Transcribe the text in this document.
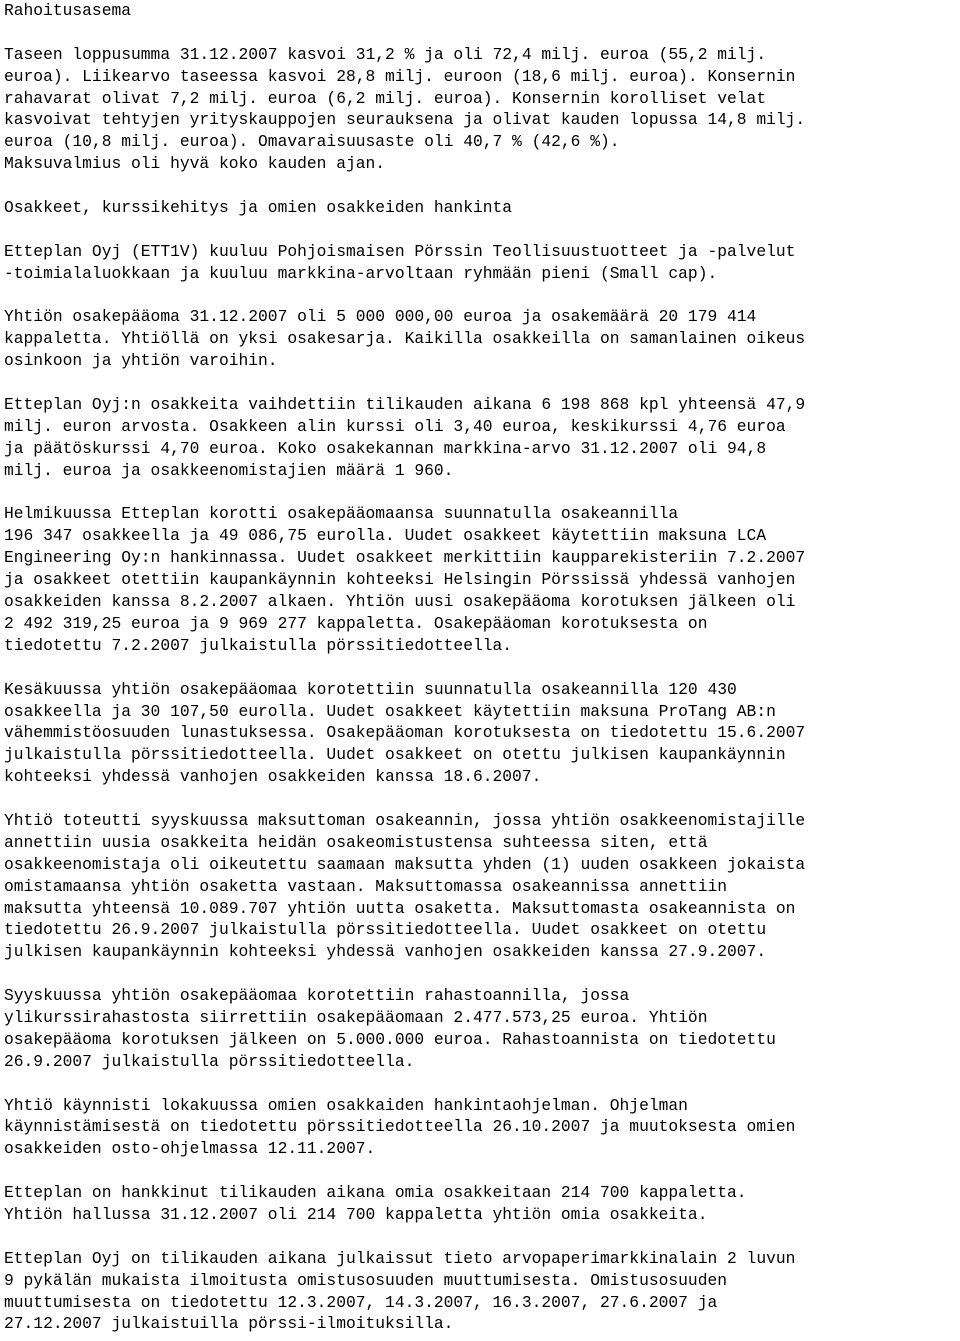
Rahoitusasema
Taseen loppusumma 31.12.2007 kasvoi 31,2 % ja oli 72,4 milj. euroa (55,2 milj.
euroa). Liikearvo taseessa kasvoi 28,8 milj. euroon (18,6 milj. euroa). Konsernin
rahavarat olivat 7,2 milj. euroa (6,2 milj. euroa). Konsernin korolliset velat
kasvoivat tehtyjen yrityskauppojen seurauksena ja olivat kauden lopussa 14,8 milj.
euroa (10,8 milj. euroa). Omavaraisuusaste oli 40,7 % (42,6 %).
Maksuvalmius oli hyvä koko kauden ajan.
Osakkeet, kurssikehitys ja omien osakkeiden hankinta
Etteplan Oyj (ETT1V) kuuluu Pohjoismaisen Pörssin Teollisuustuotteet ja -palvelut
-toimialaluokkaan ja kuuluu markkina-arvoltaan ryhmään pieni (Small cap).
Yhtiön osakepääoma 31.12.2007 oli 5 000 000,00 euroa ja osakemäärä 20 179 414
kappaletta. Yhtiöllä on yksi osakesarja. Kaikilla osakkeilla on samanlainen oikeus
osinkoon ja yhtiön varoihin.
Etteplan Oyj:n osakkeita vaihdettiin tilikauden aikana 6 198 868 kpl yhteensä 47,9
milj. euron arvosta. Osakkeen alin kurssi oli 3,40 euroa, keskikurssi 4,76 euroa
ja päätöskurssi 4,70 euroa. Koko osakekannan markkina-arvo 31.12.2007 oli 94,8
milj. euroa ja osakkeenomistajien määrä 1 960.
Helmikuussa Etteplan korotti osakepääomaansa suunnatulla osakeannilla
196 347 osakkeella ja 49 086,75 eurolla. Uudet osakkeet käytettiin maksuna LCA
Engineering Oy:n hankinnassa. Uudet osakkeet merkittiin kaupparekisteriin 7.2.2007
ja osakkeet otettiin kaupankäynnin kohteeksi Helsingin Pörssissä yhdessä vanhojen
osakkeiden kanssa 8.2.2007 alkaen. Yhtiön uusi osakepääoma korotuksen jälkeen oli
2 492 319,25 euroa ja 9 969 277 kappaletta. Osakepääoman korotuksesta on
tiedotettu 7.2.2007 julkaistulla pörssitiedotteella.
Kesäkuussa yhtiön osakepääomaa korotettiin suunnatulla osakeannilla 120 430
osakkeella ja 30 107,50 eurolla. Uudet osakkeet käytettiin maksuna ProTang AB:n
vähemmistöosuuden lunastuksessa. Osakepääoman korotuksesta on tiedotettu 15.6.2007
julkaistulla pörssitiedotteella. Uudet osakkeet on otettu julkisen kaupankäynnin
kohteeksi yhdessä vanhojen osakkeiden kanssa 18.6.2007.
Yhtiö toteutti syyskuussa maksuttoman osakeannin, jossa yhtiön osakkeenomistajille
annettiin uusia osakkeita heidän osakeomistustensa suhteessa siten, että
osakkeenomistaja oli oikeutettu saamaan maksutta yhden (1) uuden osakkeen jokaista
omistamaansa yhtiön osaketta vastaan. Maksuttomassa osakeannissa annettiin
maksutta yhteensä 10.089.707 yhtiön uutta osaketta. Maksuttomasta osakeannista on
tiedotettu 26.9.2007 julkaistulla pörssitiedotteella. Uudet osakkeet on otettu
julkisen kaupankäynnin kohteeksi yhdessä vanhojen osakkeiden kanssa 27.9.2007.
Syyskuussa yhtiön osakepääomaa korotettiin rahastoannilla, jossa
ylikurssirahastosta siirrettiin osakepääomaan 2.477.573,25 euroa. Yhtiön
osakepääoma korotuksen jälkeen on 5.000.000 euroa. Rahastoannista on tiedotettu
26.9.2007 julkaistulla pörssitiedotteella.
Yhtiö käynnisti lokakuussa omien osakkaiden hankintaohjelman. Ohjelman
käynnistämisestä on tiedotettu pörssitiedotteella 26.10.2007 ja muutoksesta omien
osakkeiden osto-ohjelmassa 12.11.2007.
Etteplan on hankkinut tilikauden aikana omia osakkeitaan 214 700 kappaletta.
Yhtiön hallussa 31.12.2007 oli 214 700 kappaletta yhtiön omia osakkeita.
Etteplan Oyj on tilikauden aikana julkaissut tieto arvopaperimarkkinalain 2 luvun
9 pykälän mukaista ilmoitusta omistusosuuden muuttumisesta. Omistusosuuden
muuttumisesta on tiedotettu 12.3.2007, 14.3.2007, 16.3.2007, 27.6.2007 ja
27.12.2007 julkaistuilla pörssi-ilmoituksilla.
